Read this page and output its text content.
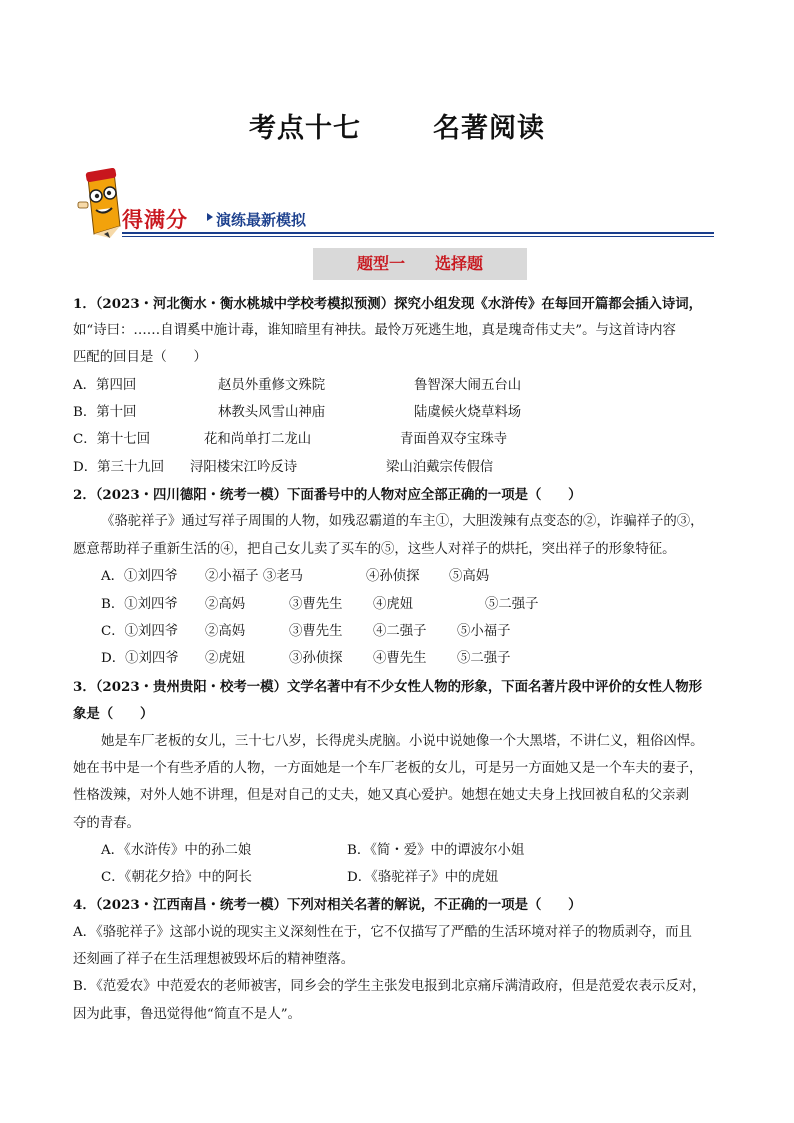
考点十七	名著阅读
得满分 演练最新模拟
题型一 选择题
1．（2023・河北衡水・衡水桃城中学校考模拟预测）探究小组发现《水浒传》在每回开篇都会插入诗词，
如“诗曰：……自谓奚中施计毒，谁知暗里有神扶。最怜万死逃生地，真是瑰奇伟丈夫”。与这首诗内容
匹配的回目是（　　）
A．第四回	赵员外重修文殊院	鲁智深大闹五台山
B．第十回	林教头风雪山神庙	陆虞候火烧草料场
C．第十七回	花和尚单打二龙山	青面兽双夺宝珠寺
D．第三十九回 浔阳楼宋江吟反诗	梁山泊戴宗传假信
2．（2023・四川德阳・统考一模）下面番号中的人物对应全部正确的一项是（　　）
《骆驼祥子》通过写祥子周围的人物，如残忍霸道的车主①，大胆泼辣有点变态的②，诈骗祥子的③，
愿意帮助祥子重新生活的④，把自己女儿卖了买车的⑤，这些人对祥子的烘托，突出祥子的形象特征。
A．①刘四爷 ②小福子 ③老马	④孙侦探 ⑤高妈
B．①刘四爷 ②高妈	③曹先生 ④虎妞	⑤二强子
C．①刘四爷 ②高妈	③曹先生 ④二强子 ⑤小福子
D．①刘四爷 ②虎妞	③孙侦探 ④曹先生 ⑤二强子
3．（2023・贵州贵阳・校考一模）文学名著中有不少女性人物的形象，下面名著片段中评价的女性人物形
象是（　　）
她是车厂老板的女儿，三十七八岁，长得虎头虎脑。小说中说她像一个大黑塔，不讲仁义，粗俗凶悍。
她在书中是一个有些矛盾的人物，一方面她是一个车厂老板的女儿，可是另一方面她又是一个车夫的妻子，
性格泼辣，对外人她不讲理，但是对自己的丈夫，她又真心爱护。她想在她丈夫身上找回被自私的父亲剥
夺的青春。
A．《水浒传》中的孙二娘	B．《简・爱》中的谭波尔小姐
C．《朝花夕拾》中的阿长	D．《骆驼祥子》中的虎妞
4．（2023・江西南昌・统考一模）下列对相关名著的解说，不正确的一项是（　　）
A．《骆驼祥子》这部小说的现实主义深刻性在于，它不仅描写了严酷的生活环境对祥子的物质剥夺，而且
还刻画了祥子在生活理想被毁坏后的精神堕落。
B．《范爱农》中范爱农的老师被害，同乡会的学生主张发电报到北京痛斥满清政府，但是范爱农表示反对，
因为此事，鲁迅觉得他“简直不是人”。
